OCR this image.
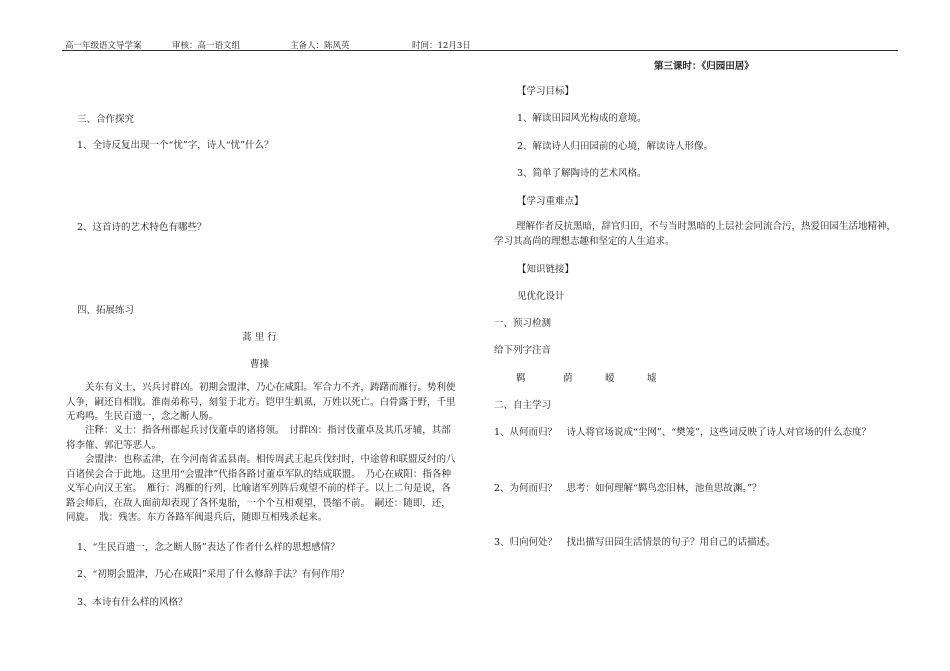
高一年级语文导学案	审核：高一语文组	主备人：陈风英	时间：12月3日
三、合作探究
1、全诗反复出现一个“忧”字，诗人“忧”什么？
2、这首诗的艺术特色有哪些？
四、拓展练习
蒿 里 行
曹操
关东有义士，兴兵讨群凶。初期会盟津，乃心在咸阳。军合力不齐，踌躇而雁行。势利使人争，嗣还自相戕。淮南弟称号，刻玺于北方。铠甲生虮虱，万姓以死亡。白骨露于野，千里无鸡鸣。生民百遗一，念之断人肠。
注释：义士：指各州郡起兵讨伐董卓的诸将领。　讨群凶：指讨伐董卓及其爪牙辅，其部将李傕、郭汜等恶人。
会盟津：也称孟津，在今河南省孟县南。相传周武王起兵伐纣时，中途曾和联盟反纣的八百诸侯会合于此地。这里用“会盟津”代指各路讨董卓军队的结成联盟。　乃心在咸阳：指各种义军心向汉王室。　雁行：鸿雁的行列，比喻诸军列阵后观望不前的样子。以上二句是说，各路会师后，在敌人面前却表现了各怀鬼胎，一个个互相观望，畏缩不前。　嗣还：随即，还，同旋。　戕：残害。东方各路军阀退兵后，随即互相残杀起来。
1、“生民百遗一，念之断人肠”表达了作者什么样的思想感情？
2、“初期会盟津，乃心在咸阳”采用了什么修辞手法？有何作用？
3、本诗有什么样的风格？
第三课时：《归园田居》
【学习目标】
1、解读田园风光构成的意境。
2、解读诗人归田园前的心境，解读诗人形像。
3、简单了解陶诗的艺术风格。
【学习重难点】
理解作者反抗黑暗，辞官归田，不与当时黑暗的上层社会同流合污，热爱田园生活地精神，学习其高尚的理想志趣和坚定的人生追求。
【知识链接】
见优化设计
一、预习检测
给下列字注音
羁	荫	暧	墟
二、自主学习
1、从何而归？　诗人将官场说成“尘网”、“樊笼”，这些词反映了诗人对官场的什么态度？
2、为何而归？　思考：如何理解“羁鸟恋旧林，池鱼思故渊。”？
3、归向何处？　找出描写田园生活情景的句子？用自己的话描述。
